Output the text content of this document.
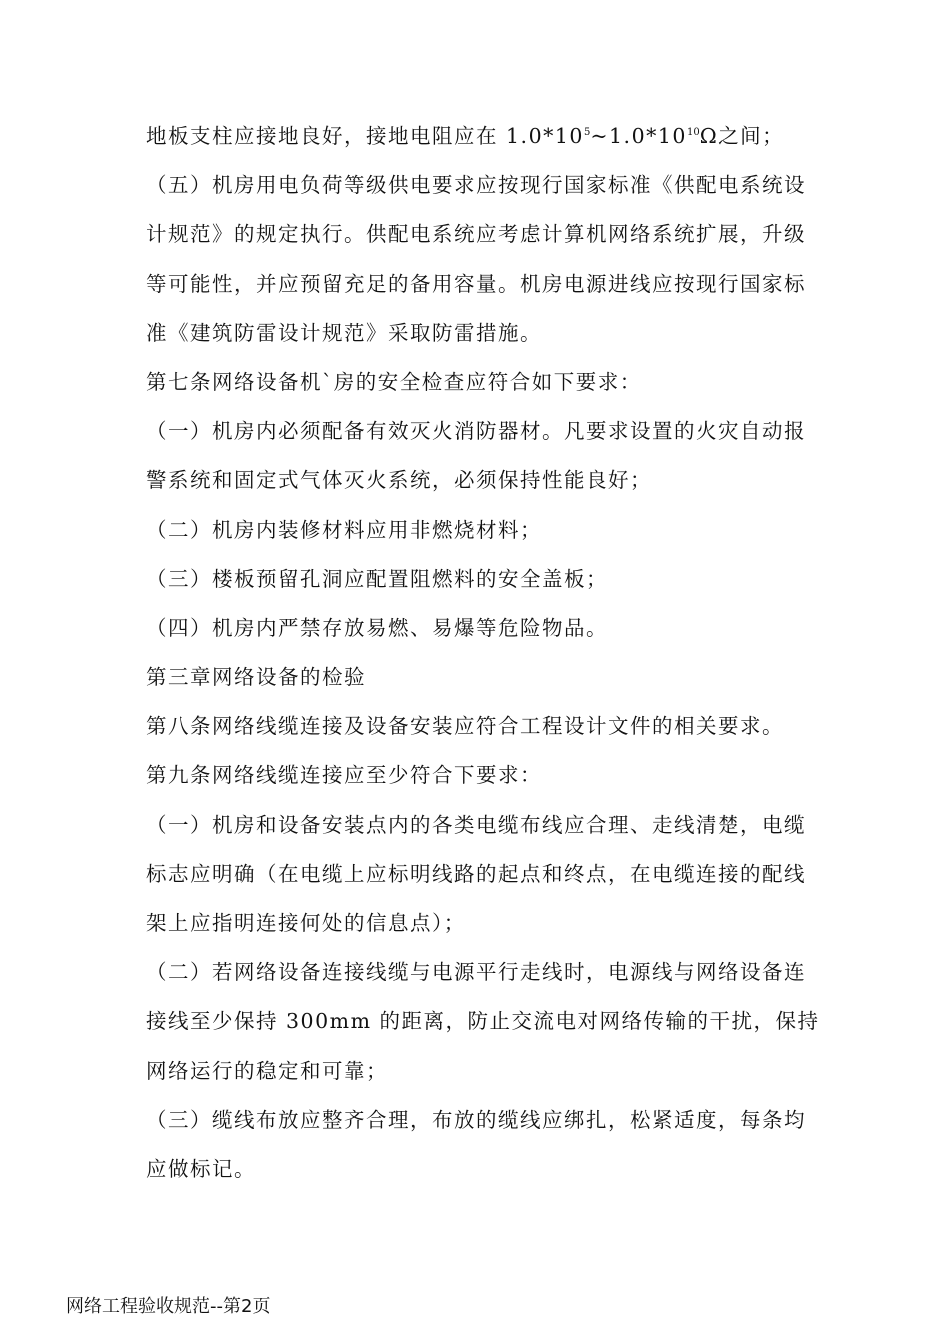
地板支柱应接地良好，接地电阻应在 $1.0*10^5\sim 1.0*10^{10}\Omega$之间；
（五）机房用电负荷等级供电要求应按现行国家标准《供配电系统设
计规范》的规定执行。供配电系统应考虑计算机网络系统扩展，升级
等可能性，并应预留充足的备用容量。机房电源进线应按现行国家标
准《建筑防雷设计规范》采取防雷措施。
第七条网络设备机`房的安全检查应符合如下要求：
（一）机房内必须配备有效灭火消防器材。凡要求设置的火灾自动报
警系统和固定式气体灭火系统，必须保持性能良好；
（二）机房内装修材料应用非燃烧材料；
（三）楼板预留孔洞应配置阻燃料的安全盖板；
（四）机房内严禁存放易燃、易爆等危险物品。
第三章网络设备的检验
第八条网络线缆连接及设备安装应符合工程设计文件的相关要求。
第九条网络线缆连接应至少符合下要求：
（一）机房和设备安装点内的各类电缆布线应合理、走线清楚，电缆
标志应明确（在电缆上应标明线路的起点和终点，在电缆连接的配线
架上应指明连接何处的信息点）；
（二）若网络设备连接线缆与电源平行走线时，电源线与网络设备连
接线至少保持 300mm 的距离，防止交流电对网络传输的干扰，保持
网络运行的稳定和可靠；
（三）缆线布放应整齐合理，布放的缆线应绑扎，松紧适度，每条均
应做标记。
网络工程验收规范--第2页
